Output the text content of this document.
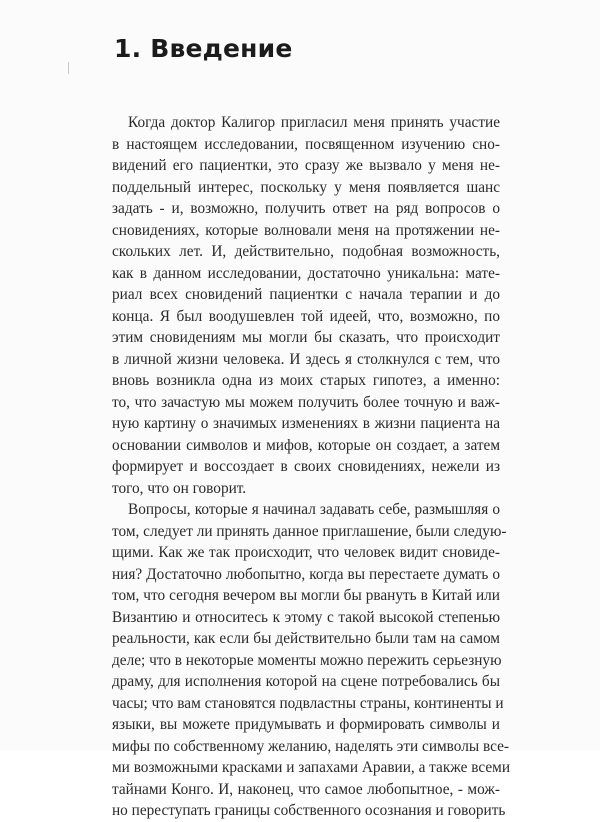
1. Введение
Когда доктор Калигор пригласил меня принять участие
в настоящем исследовании, посвященном изучению сно-
видений его пациентки, это сразу же вызвало у меня не-
поддельный интерес, поскольку у меня появляется шанс
задать - и, возможно, получить ответ на ряд вопросов о
сновидениях, которые волновали меня на протяжении не-
скольких лет. И, действительно, подобная возможность,
как в данном исследовании, достаточно уникальна: мате-
риал всех сновидений пациентки с начала терапии и до
конца. Я был воодушевлен той идеей, что, возможно, по
этим сновидениям мы могли бы сказать, что происходит
в личной жизни человека. И здесь я столкнулся с тем, что
вновь возникла одна из моих старых гипотез, а именно:
то, что зачастую мы можем получить более точную и важ-
ную картину о значимых изменениях в жизни пациента на
основании символов и мифов, которые он создает, а затем
формирует и воссоздает в своих сновидениях, нежели из
того, что он говорит.
Вопросы, которые я начинал задавать себе, размышляя о
том, следует ли принять данное приглашение, были следую-
щими. Как же так происходит, что человек видит сновиде-
ния? Достаточно любопытно, когда вы перестаете думать о
том, что сегодня вечером вы могли бы рвануть в Китай или
Византию и относитесь к этому с такой высокой степенью
реальности, как если бы действительно были там на самом
деле; что в некоторые моменты можно пережить серьезную
драму, для исполнения которой на сцене потребовались бы
часы; что вам становятся подвластны страны, континенты и
языки, вы можете придумывать и формировать символы и
мифы по собственному желанию, наделять эти символы все-
ми возможными красками и запахами Аравии, а также всеми
тайнами Конго. И, наконец, что самое любопытное, - мож-
но переступать границы собственного осознания и говорить
